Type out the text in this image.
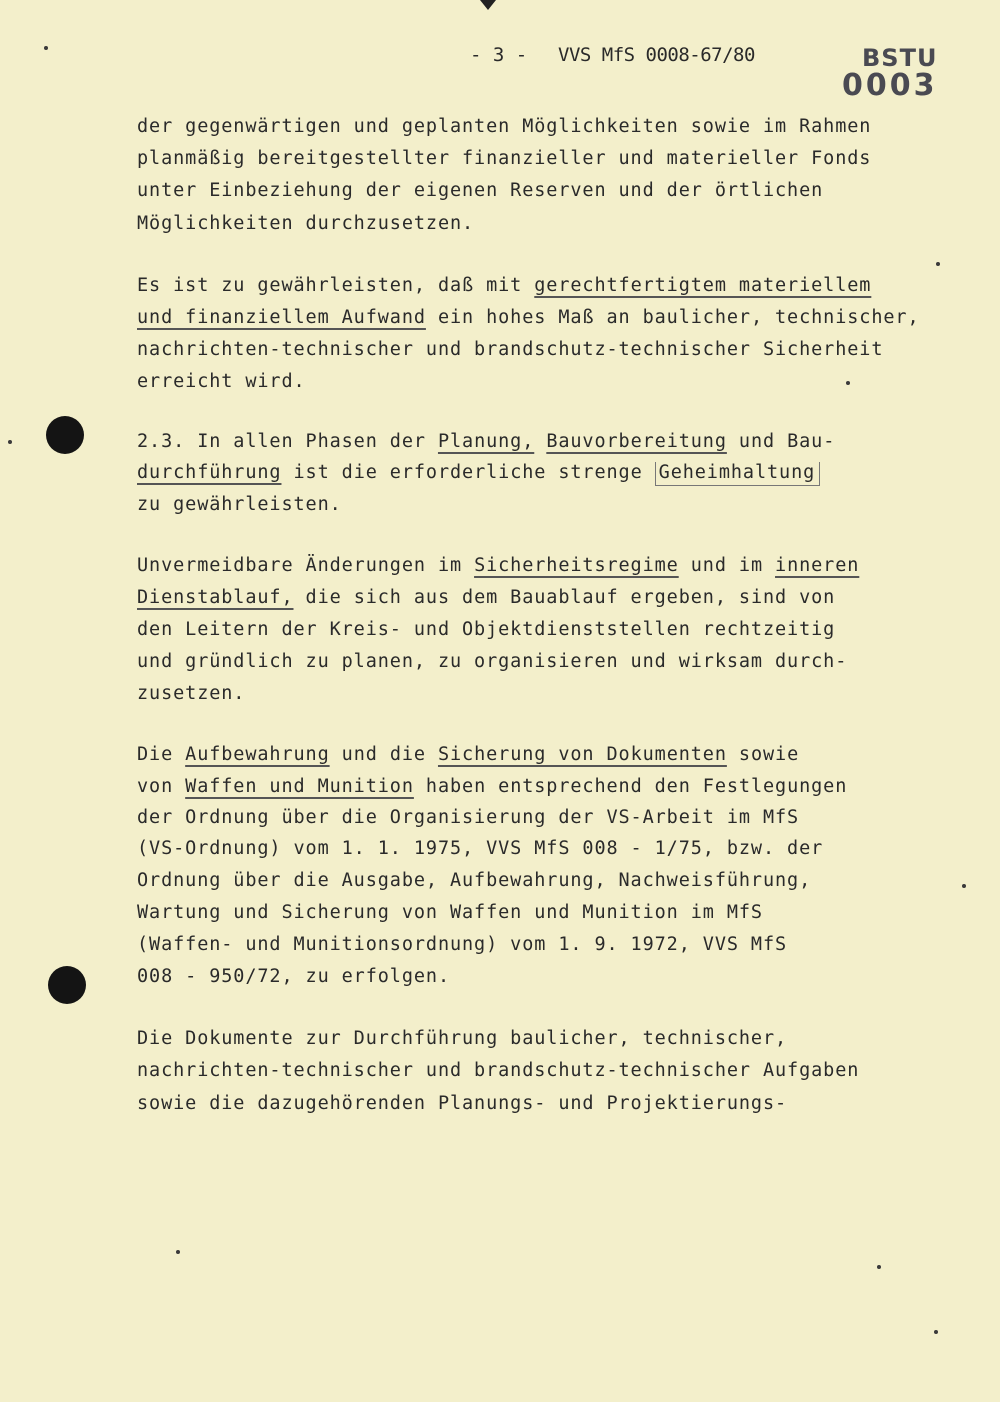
- 3 - VVS MfS 0008-67/80	BSTU
0003
der gegenwärtigen und geplanten Möglichkeiten sowie im Rahmen
planmäßig bereitgestellter finanzieller und materieller Fonds
unter Einbeziehung der eigenen Reserven und der örtlichen
Möglichkeiten durchzusetzen.
Es ist zu gewährleisten, daß mit gerechtfertigtem materiellem
und finanziellem Aufwand ein hohes Maß an baulicher, technischer,
nachrichten-technischer und brandschutz-technischer Sicherheit
erreicht wird.
2.3. In allen Phasen der Planung, Bauvorbereitung und Bau-
durchführung ist die erforderliche strenge Geheimhaltung
zu gewährleisten.
Unvermeidbare Änderungen im Sicherheitsregime und im inneren
Dienstablauf, die sich aus dem Bauablauf ergeben, sind von
den Leitern der Kreis- und Objektdienststellen rechtzeitig
und gründlich zu planen, zu organisieren und wirksam durch-
zusetzen.
Die Aufbewahrung und die Sicherung von Dokumenten sowie
von Waffen und Munition haben entsprechend den Festlegungen
der Ordnung über die Organisierung der VS-Arbeit im MfS
(VS-Ordnung) vom 1. 1. 1975, VVS MfS 008 - 1/75, bzw. der
Ordnung über die Ausgabe, Aufbewahrung, Nachweisführung,
Wartung und Sicherung von Waffen und Munition im MfS
(Waffen- und Munitionsordnung) vom 1. 9. 1972, VVS MfS
008 - 950/72, zu erfolgen.
Die Dokumente zur Durchführung baulicher, technischer,
nachrichten-technischer und brandschutz-technischer Aufgaben
sowie die dazugehörenden Planungs- und Projektierungs-
